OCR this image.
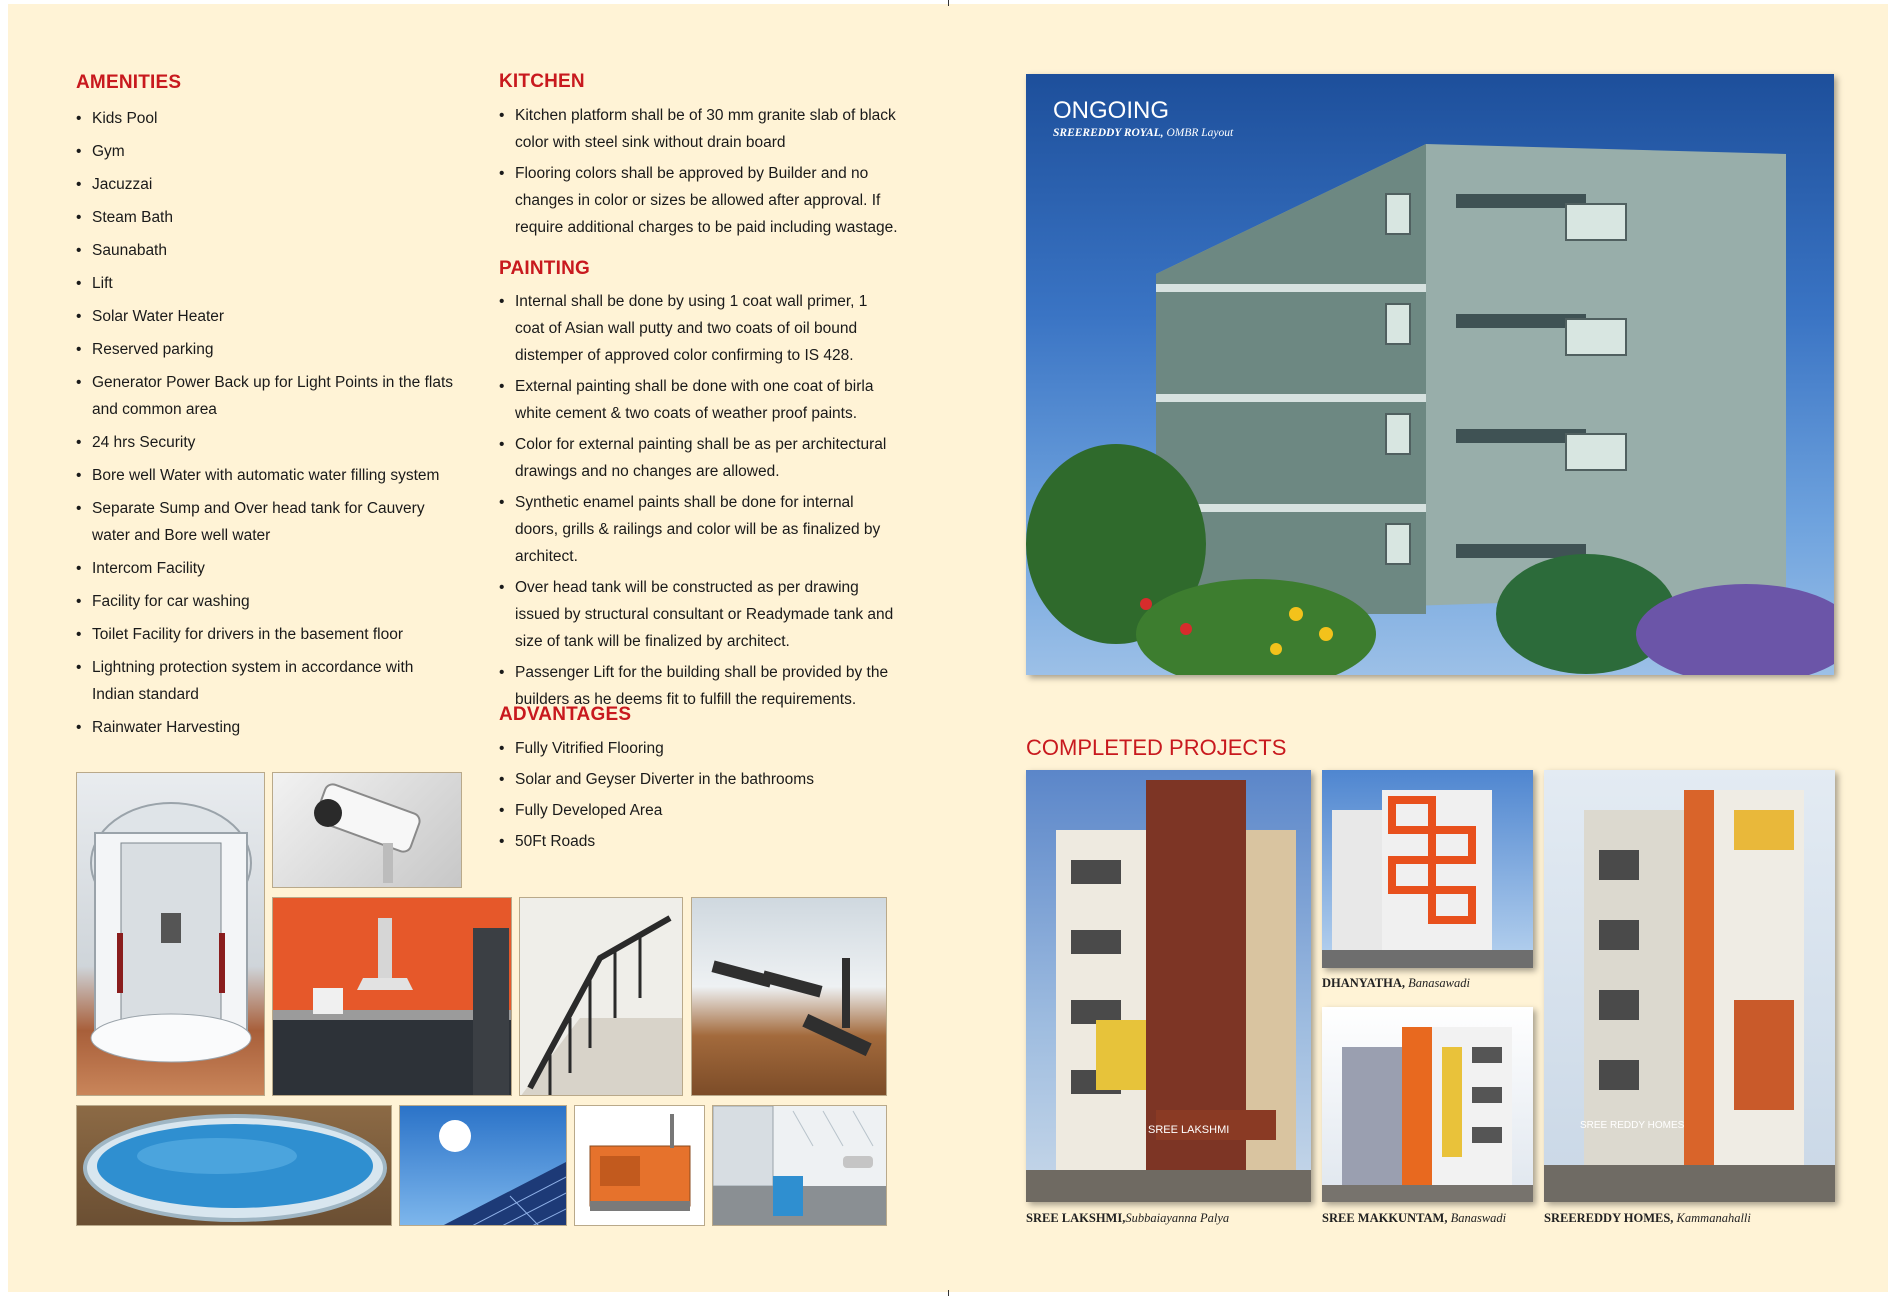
AMENITIES
• Kids Pool
• Gym
• Jacuzzai
• Steam Bath
• Saunabath
• Lift
• Solar Water Heater
• Reserved parking
• Generator Power Back up for Light Points in the flats and common area
• 24 hrs Security
• Bore well Water with automatic water filling system
• Separate Sump and Over head tank for Cauvery water and Bore well water
• Intercom Facility
• Facility for car washing
• Toilet Facility for drivers in the basement floor
• Lightning protection system in accordance with Indian standard
• Rainwater Harvesting
KITCHEN
• Kitchen platform shall be of 30 mm granite slab of black color with steel sink without drain board
• Flooring colors shall be approved by Builder and no changes in color or sizes be allowed after approval. If require additional charges to be paid including wastage.
PAINTING
• Internal shall be done by using 1 coat wall primer, 1 coat of Asian wall putty and two coats of oil bound distemper of approved color confirming to IS 428.
• External painting shall be done with one coat of birla white cement & two coats of weather proof paints.
• Color for external painting shall be as per architectural drawings and no changes are allowed.
• Synthetic enamel paints shall be done for internal doors, grills & railings and color will be as finalized by architect.
• Over head tank will be constructed as per drawing issued by structural consultant or Readymade tank and size of tank will be finalized by architect.
• Passenger Lift for the building shall be provided by the builders as he deems fit to fulfill the requirements.
ADVANTAGES
• Fully Vitrified Flooring
• Solar and Geyser Diverter in the bathrooms
• Fully Developed Area
• 50Ft Roads
ONGOING
SREEREDDY ROYAL, OMBR Layout
COMPLETED PROJECTS
SREE LAKSHMI
DHANYATHA, Banasawadi
SREE REDDY HOMES
SREE LAKSHMI,Subbaiayanna Palya	SREE MAKKUNTAM, Banaswadi	SREEREDDY HOMES, Kammanahalli
